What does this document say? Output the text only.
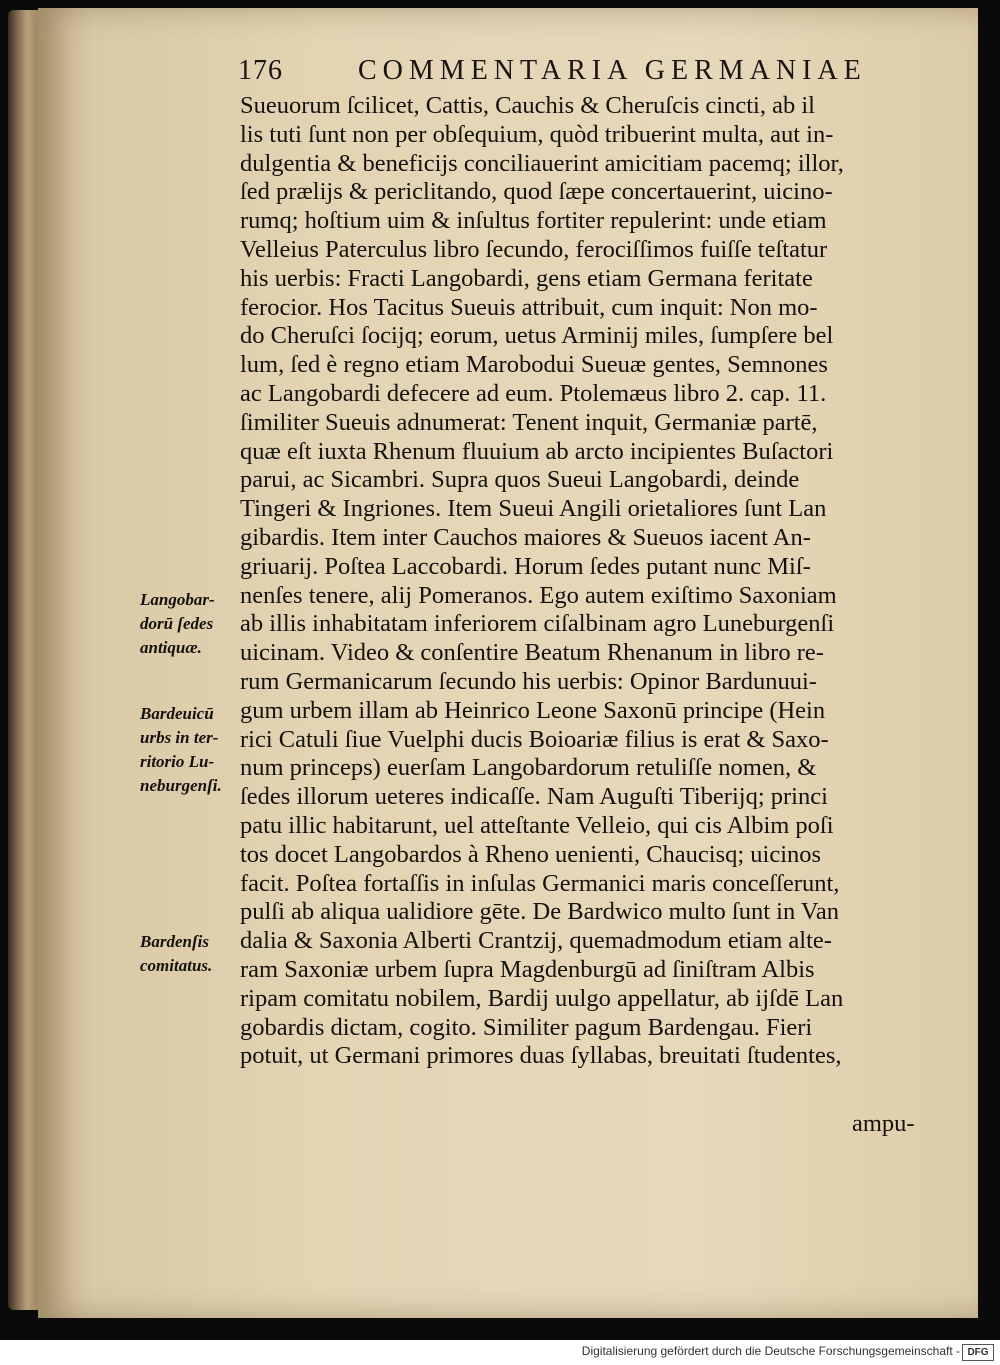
176	COMMENTARIA GERMANIAE
Sueuorum ſcilicet, Cattis, Cauchis & Cheruſcis cincti, ab il
lis tuti ſunt non per obſequium, quòd tribuerint multa, aut in-
dulgentia & beneficijs conciliauerint amicitiam pacemq; illor,
ſed prælijs & periclitando, quod ſæpe concertauerint, uicino-
rumq; hoſtium uim & inſultus fortiter repulerint: unde etiam
Velleius Paterculus libro ſecundo, ferociſſimos fuiſſe teſtatur
his uerbis: Fracti Langobardi, gens etiam Germana feritate
ferocior. Hos Tacitus Sueuis attribuit, cum inquit: Non mo-
do Cheruſci ſocijq; eorum, uetus Arminij miles, ſumpſere bel
lum, ſed è regno etiam Marobodui Sueuæ gentes, Semnones
ac Langobardi defecere ad eum. Ptolemæus libro 2. cap. 11.
ſimiliter Sueuis adnumerat: Tenent inquit, Germaniæ partē,
quæ eſt iuxta Rhenum fluuium ab arcto incipientes Buſactori
parui, ac Sicambri. Supra quos Sueui Langobardi, deinde
Tingeri & Ingriones. Item Sueui Angili orietaliores ſunt Lan
gibardis. Item inter Cauchos maiores & Sueuos iacent An-
griuarij. Poſtea Laccobardi. Horum ſedes putant nunc Miſ-
nenſes tenere, alij Pomeranos. Ego autem exiſtimo Saxoniam
ab illis inhabitatam inferiorem ciſalbinam agro Luneburgenſi
uicinam. Video & conſentire Beatum Rhenanum in libro re-
rum Germanicarum ſecundo his uerbis: Opinor Bardunuui-
gum urbem illam ab Heinrico Leone Saxonū principe (Hein
rici Catuli ſiue Vuelphi ducis Boioariæ filius is erat & Saxo-
num princeps) euerſam Langobardorum retuliſſe nomen, &
ſedes illorum ueteres indicaſſe. Nam Auguſti Tiberijq; princi
patu illic habitarunt, uel atteſtante Velleio, qui cis Albim poſi
tos docet Langobardos à Rheno uenienti, Chaucisq; uicinos
facit. Poſtea fortaſſis in inſulas Germanici maris conceſſerunt,
pulſi ab aliqua ualidiore gēte. De Bardwico multo ſunt in Van
dalia & Saxonia Alberti Crantzij, quemadmodum etiam alte-
ram Saxoniæ urbem ſupra Magdenburgū ad ſiniſtram Albis
ripam comitatu nobilem, Bardij uulgo appellatur, ab ijſdē Lan
gobardis dictam, cogito. Similiter pagum Bardengau. Fieri
potuit, ut Germani primores duas ſyllabas, breuitati ſtudentes,
ampu-
Langobar-
dorū ſedes
antiquæ.
Bardeuicū
urbs in ter-
ritorio Lu-
neburgenſi.
Bardenſis
comitatus.
Digitalisierung gefördert durch die Deutsche Forschungsgemeinschaft - DFG
